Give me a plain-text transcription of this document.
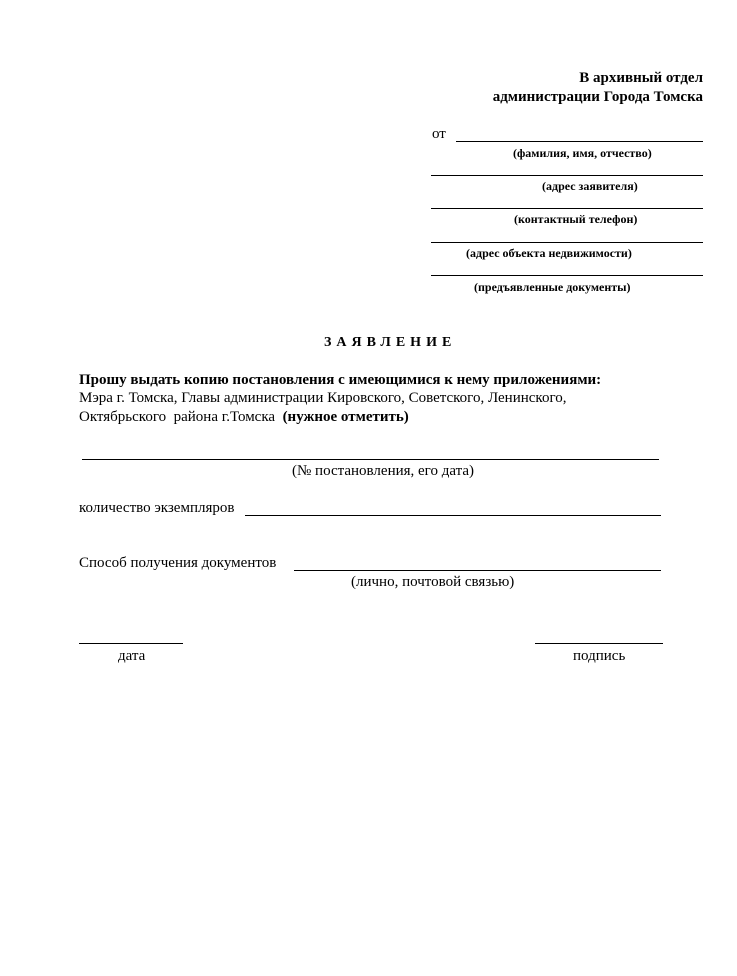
В архивный отдел
администрации Города Томска
от
(фамилия, имя, отчество)
(адрес заявителя)
(контактный телефон)
(адрес объекта недвижимости)
(предъявленные документы)
ЗАЯВЛЕНИЕ
Прошу выдать копию постановления с имеющимися к нему приложениями:
Мэра г. Томска, Главы администрации Кировского, Советского, Ленинского,
Октябрьского  района г.Томска  (нужное отметить)
(№ постановления, его дата)
количество экземпляров
Способ получения документов
(лично, почтовой связью)
дата	подпись
